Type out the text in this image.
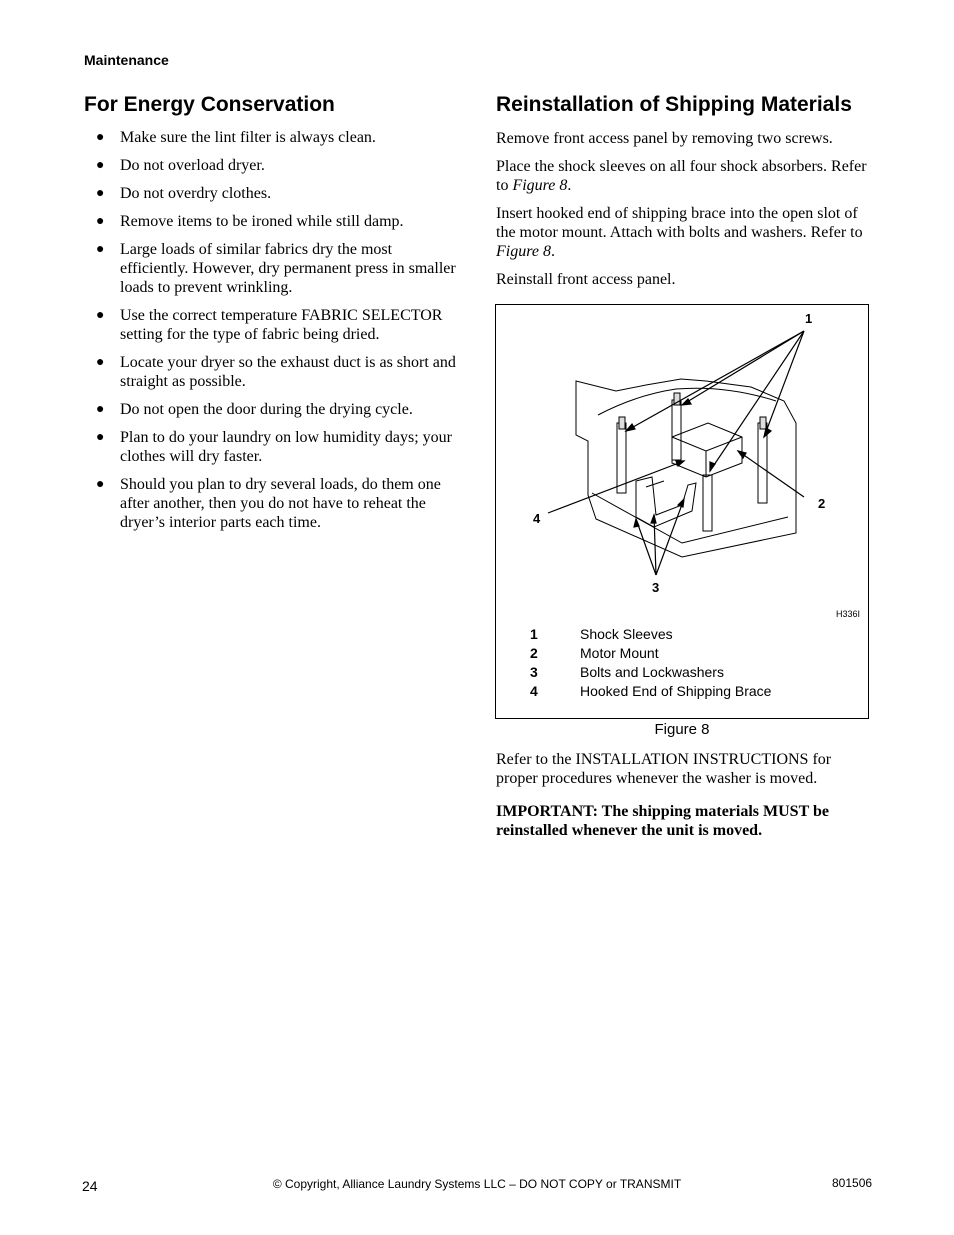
Maintenance
For Energy Conservation
● Make sure the lint filter is always clean.
● Do not overload dryer.
● Do not overdry clothes.
● Remove items to be ironed while still damp.
● Large loads of similar fabrics dry the most efficiently. However, dry permanent press in smaller loads to prevent wrinkling.
● Use the correct temperature FABRIC SELECTOR setting for the type of fabric being dried.
● Locate your dryer so the exhaust duct is as short and straight as possible.
● Do not open the door during the drying cycle.
● Plan to do your laundry on low humidity days; your clothes will dry faster.
● Should you plan to dry several loads, do them one after another, then you do not have to reheat the dryer’s interior parts each time.
Reinstallation of Shipping Materials

Remove front access panel by removing two screws.

Place the shock sleeves on all four shock absorbers. Refer to Figure 8.

Insert hooked end of shipping brace into the open slot of the motor mount. Attach with bolts and washers. Refer to Figure 8.

Reinstall front access panel.

1
2
3
4
H336I
1	Shock Sleeves
2	Motor Mount
3	Bolts and Lockwashers
4	Hooked End of Shipping Brace
Figure 8
Refer to the INSTALLATION INSTRUCTIONS for proper procedures whenever the washer is moved.
IMPORTANT: The shipping materials MUST be reinstalled whenever the unit is moved.
24	© Copyright, Alliance Laundry Systems LLC – DO NOT COPY or TRANSMIT	801506
